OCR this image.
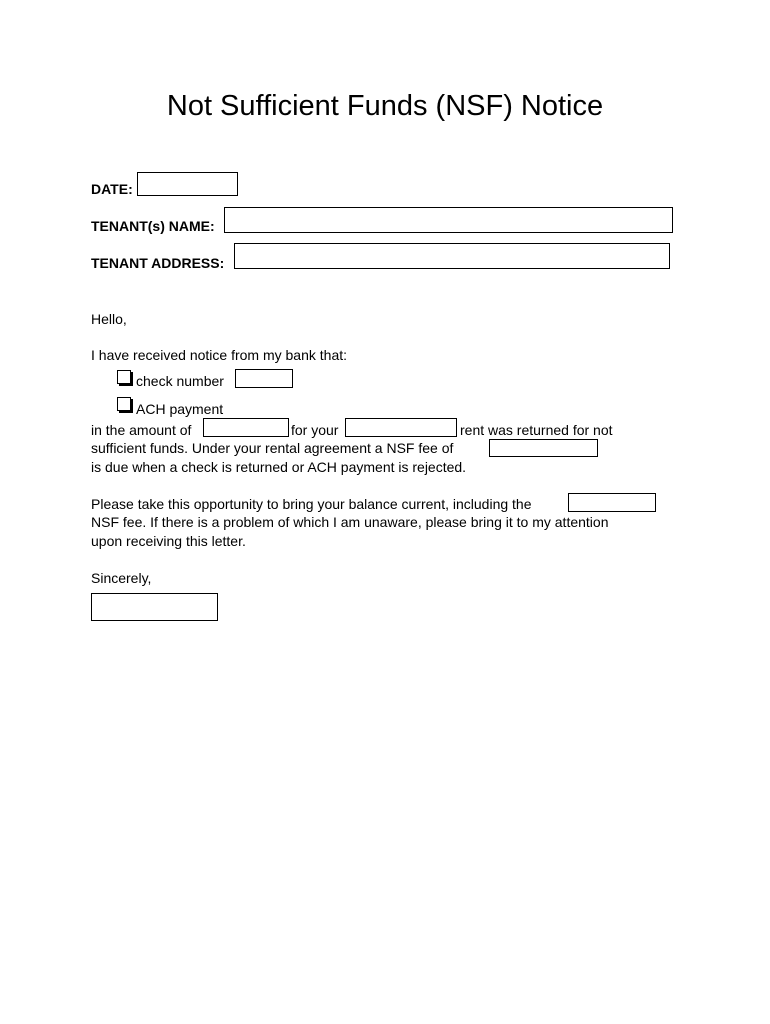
Not Sufficient Funds (NSF) Notice
DATE:
TENANT(s) NAME:
TENANT ADDRESS:
Hello,
I have received notice from my bank that:
check number
ACH payment
in the amount of	for your	rent was returned for not
sufficient funds. Under your rental agreement a NSF fee of
is due when a check is returned or ACH payment is rejected.
Please take this opportunity to bring your balance current, including the
NSF fee. If there is a problem of which I am unaware, please bring it to my attention
upon receiving this letter.
Sincerely,
